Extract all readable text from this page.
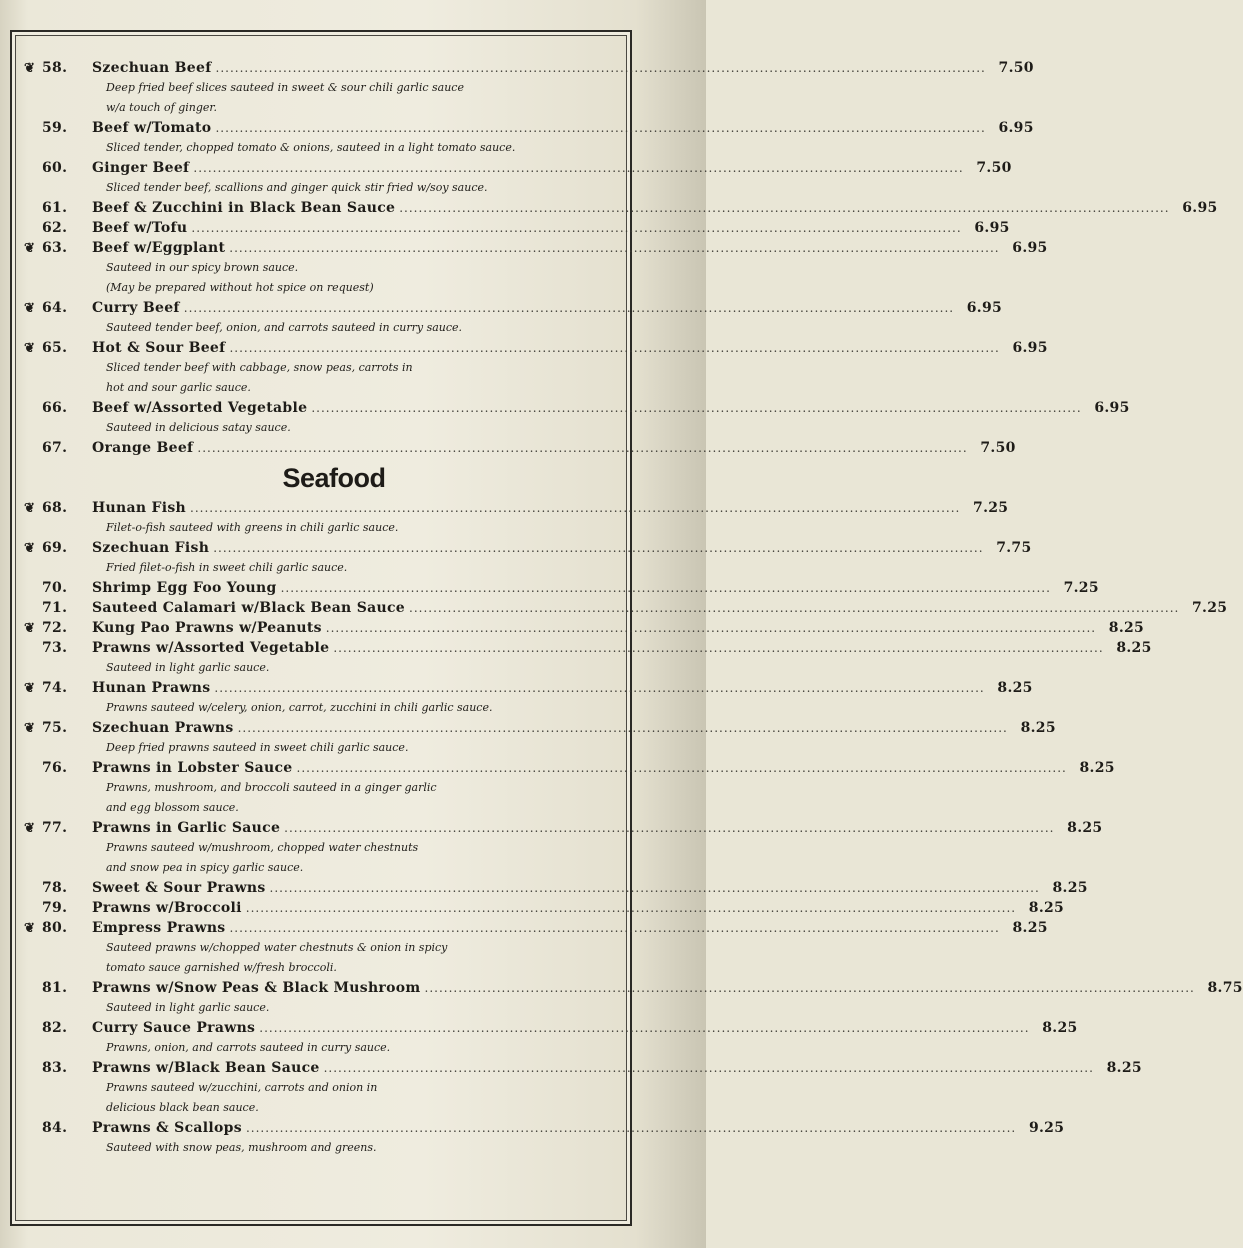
❦ 58.	Szechuan Beef ................................................................................................................................................................ 7.50
Deep fried beef slices sauteed in sweet & sour chili garlic sauce
w/a touch of ginger.
59.	Beef w/Tomato ................................................................................................................................................................ 6.95
Sliced tender, chopped tomato & onions, sauteed in a light tomato sauce.
60.	Ginger Beef ................................................................................................................................................................ 7.50
Sliced tender beef, scallions and ginger quick stir fried w/soy sauce.
61.	Beef & Zucchini in Black Bean Sauce ................................................................................................................................................................ 6.95
62.	Beef w/Tofu ................................................................................................................................................................ 6.95
❦ 63.	Beef w/Eggplant ................................................................................................................................................................ 6.95
Sauteed in our spicy brown sauce.
(May be prepared without hot spice on request)
❦ 64.	Curry Beef ................................................................................................................................................................ 6.95
Sauteed tender beef, onion, and carrots sauteed in curry sauce.
❦ 65.	Hot & Sour Beef ................................................................................................................................................................ 6.95
Sliced tender beef with cabbage, snow peas, carrots in
hot and sour garlic sauce.
66.	Beef w/Assorted Vegetable ................................................................................................................................................................ 6.95
Sauteed in delicious satay sauce.
67.	Orange Beef ................................................................................................................................................................ 7.50
Seafood
❦ 68.	Hunan Fish ................................................................................................................................................................ 7.25
Filet-o-fish sauteed with greens in chili garlic sauce.
❦ 69.	Szechuan Fish ................................................................................................................................................................ 7.75
Fried filet-o-fish in sweet chili garlic sauce.
70.	Shrimp Egg Foo Young ................................................................................................................................................................ 7.25
71.	Sauteed Calamari w/Black Bean Sauce ................................................................................................................................................................ 7.25
❦ 72.	Kung Pao Prawns w/Peanuts ................................................................................................................................................................ 8.25
73.	Prawns w/Assorted Vegetable ................................................................................................................................................................ 8.25
Sauteed in light garlic sauce.
❦ 74.	Hunan Prawns ................................................................................................................................................................ 8.25
Prawns sauteed w/celery, onion, carrot, zucchini in chili garlic sauce.
❦ 75.	Szechuan Prawns ................................................................................................................................................................ 8.25
Deep fried prawns sauteed in sweet chili garlic sauce.
76.	Prawns in Lobster Sauce ................................................................................................................................................................ 8.25
Prawns, mushroom, and broccoli sauteed in a ginger garlic
and egg blossom sauce.
❦ 77.	Prawns in Garlic Sauce ................................................................................................................................................................ 8.25
Prawns sauteed w/mushroom, chopped water chestnuts
and snow pea in spicy garlic sauce.
78.	Sweet & Sour Prawns ................................................................................................................................................................ 8.25
79.	Prawns w/Broccoli ................................................................................................................................................................ 8.25
❦ 80.	Empress Prawns ................................................................................................................................................................ 8.25
Sauteed prawns w/chopped water chestnuts & onion in spicy
tomato sauce garnished w/fresh broccoli.
81.	Prawns w/Snow Peas & Black Mushroom ................................................................................................................................................................ 8.75
Sauteed in light garlic sauce.
82.	Curry Sauce Prawns ................................................................................................................................................................ 8.25
Prawns, onion, and carrots sauteed in curry sauce.
83.	Prawns w/Black Bean Sauce ................................................................................................................................................................ 8.25
Prawns sauteed w/zucchini, carrots and onion in
delicious black bean sauce.
84.	Prawns & Scallops ................................................................................................................................................................ 9.25
Sauteed with snow peas, mushroom and greens.
